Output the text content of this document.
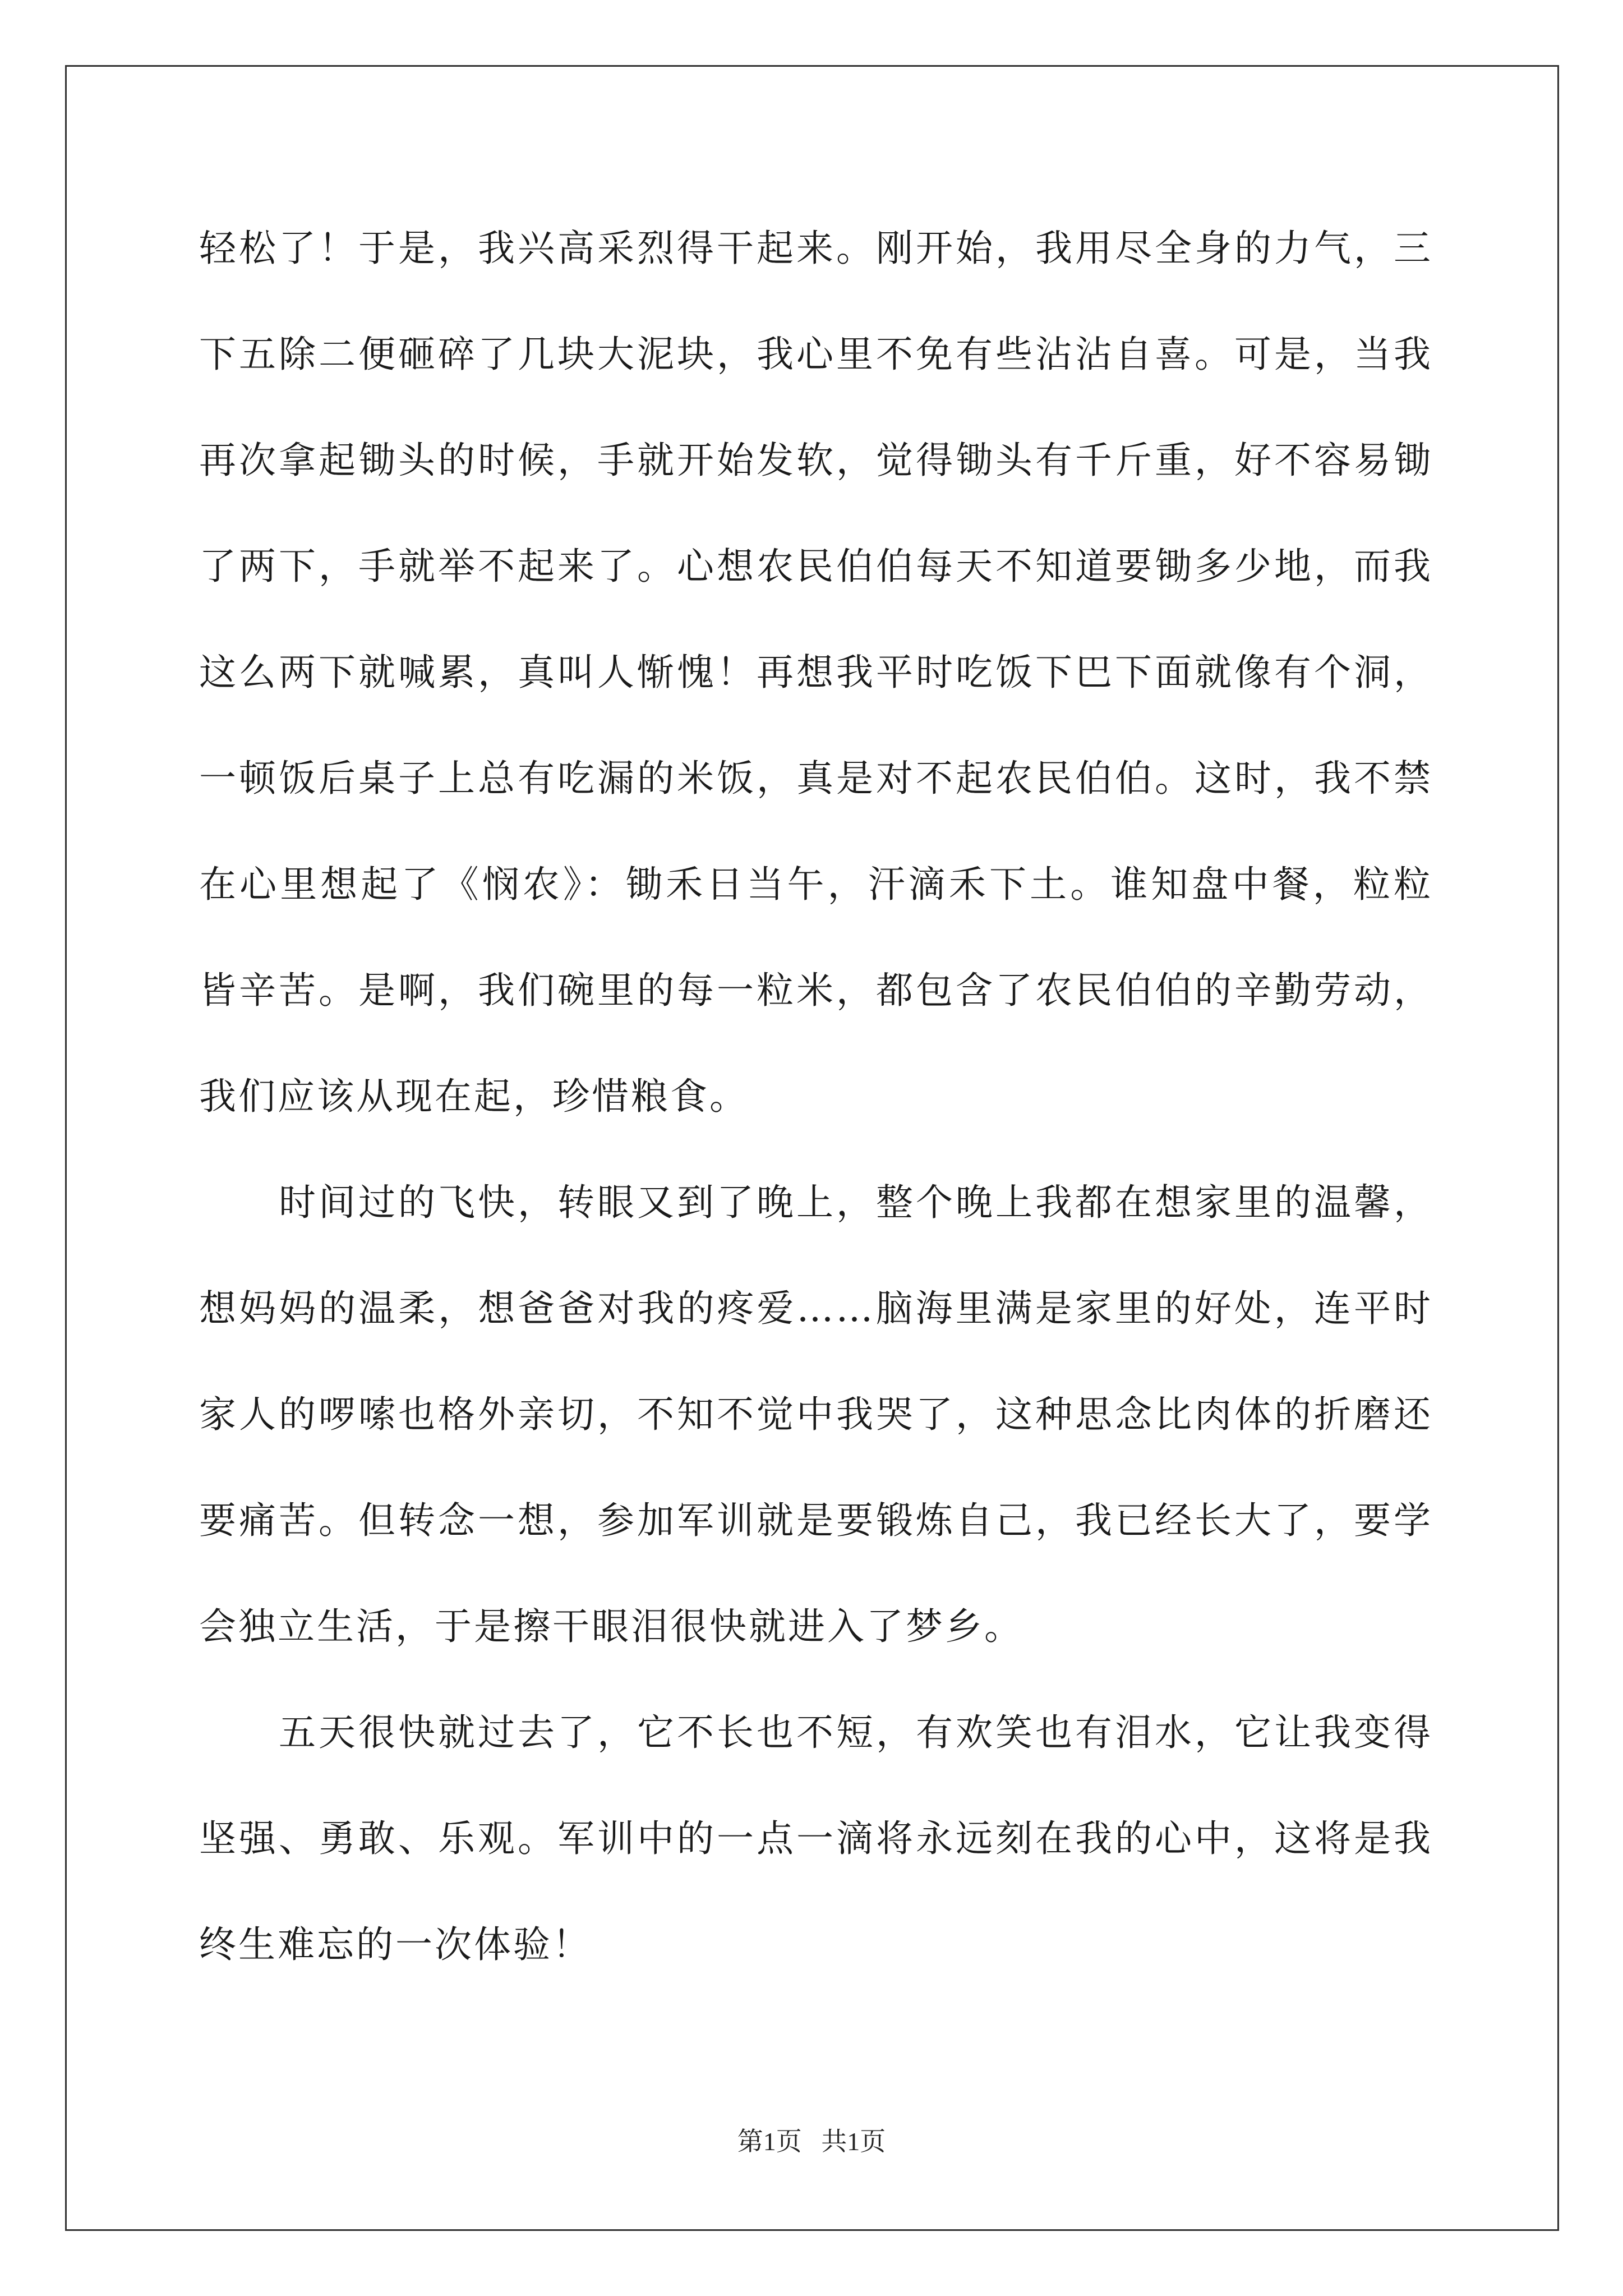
轻松了！于是，我兴高采烈得干起来。刚开始，我用尽全身的力气，三下五除二便砸碎了几块大泥块，我心里不免有些沾沾自喜。可是，当我再次拿起锄头的时候，手就开始发软，觉得锄头有千斤重，好不容易锄了两下，手就举不起来了。心想农民伯伯每天不知道要锄多少地，而我这么两下就喊累，真叫人惭愧！再想我平时吃饭下巴下面就像有个洞，一顿饭后桌子上总有吃漏的米饭，真是对不起农民伯伯。这时，我不禁在心里想起了《悯农》：锄禾日当午，汗滴禾下土。谁知盘中餐，粒粒皆辛苦。是啊，我们碗里的每一粒米，都包含了农民伯伯的辛勤劳动，我们应该从现在起，珍惜粮食。

时间过的飞快，转眼又到了晚上，整个晚上我都在想家里的温馨，想妈妈的温柔，想爸爸对我的疼爱……脑海里满是家里的好处，连平时家人的啰嗦也格外亲切，不知不觉中我哭了，这种思念比肉体的折磨还要痛苦。但转念一想，参加军训就是要锻炼自己，我已经长大了，要学会独立生活，于是擦干眼泪很快就进入了梦乡。

五天很快就过去了，它不长也不短，有欢笑也有泪水，它让我变得坚强、勇敢、乐观。军训中的一点一滴将永远刻在我的心中，这将是我终生难忘的一次体验！

第1页 共1页
